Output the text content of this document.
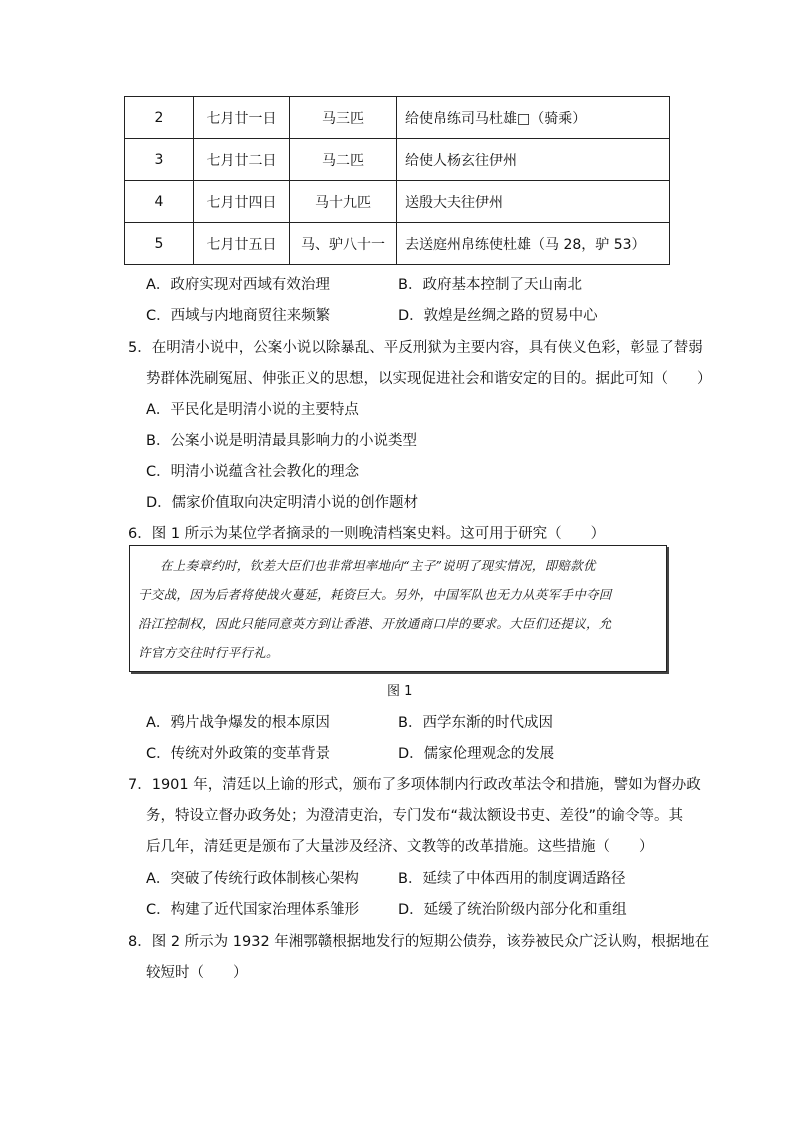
2	七月廿一日	马三匹	给使帛练司马杜雄□（骑乘）
3	七月廿二日	马二匹	给使人杨玄往伊州
4	七月廿四日	马十九匹	送殷大夫往伊州
5	七月廿五日	马、驴八十一	去送庭州帛练使杜雄（马 28，驴 53）
A．政府实现对西域有效治理	B．政府基本控制了天山南北
C．西域与内地商贸往来频繁	D．敦煌是丝绸之路的贸易中心
5．在明清小说中，公案小说以除暴乱、平反刑狱为主要内容，具有侠义色彩，彰显了替弱
势群体洗刷冤屈、伸张正义的思想，以实现促进社会和谐安定的目的。据此可知（　　）
A．平民化是明清小说的主要特点
B．公案小说是明清最具影响力的小说类型
C．明清小说蕴含社会教化的理念
D．儒家价值取向决定明清小说的创作题材
6．图 1 所示为某位学者摘录的一则晚清档案史料。这可用于研究（　　）
在上奏章约时，钦差大臣们也非常坦率地向“主子”说明了现实情况，即赔款优
于交战，因为后者将使战火蔓延，耗资巨大。另外，中国军队也无力从英军手中夺回
沿江控制权，因此只能同意英方到让香港、开放通商口岸的要求。大臣们还提议，允
许官方交往时行平行礼。
图 1
A．鸦片战争爆发的根本原因	B．西学东渐的时代成因
C．传统对外政策的变革背景	D．儒家伦理观念的发展
7．1901 年，清廷以上谕的形式，颁布了多项体制内行政改革法令和措施，譬如为督办政
务，特设立督办政务处；为澄清吏治，专门发布“裁汰额设书吏、差役”的谕令等。其
后几年，清廷更是颁布了大量涉及经济、文教等的改革措施。这些措施（　　）
A．突破了传统行政体制核心架构	B．延续了中体西用的制度调适路径
C．构建了近代国家治理体系雏形	D．延缓了统治阶级内部分化和重组
8．图 2 所示为 1932 年湘鄂赣根据地发行的短期公债券，该券被民众广泛认购，根据地在
较短时（　　）
